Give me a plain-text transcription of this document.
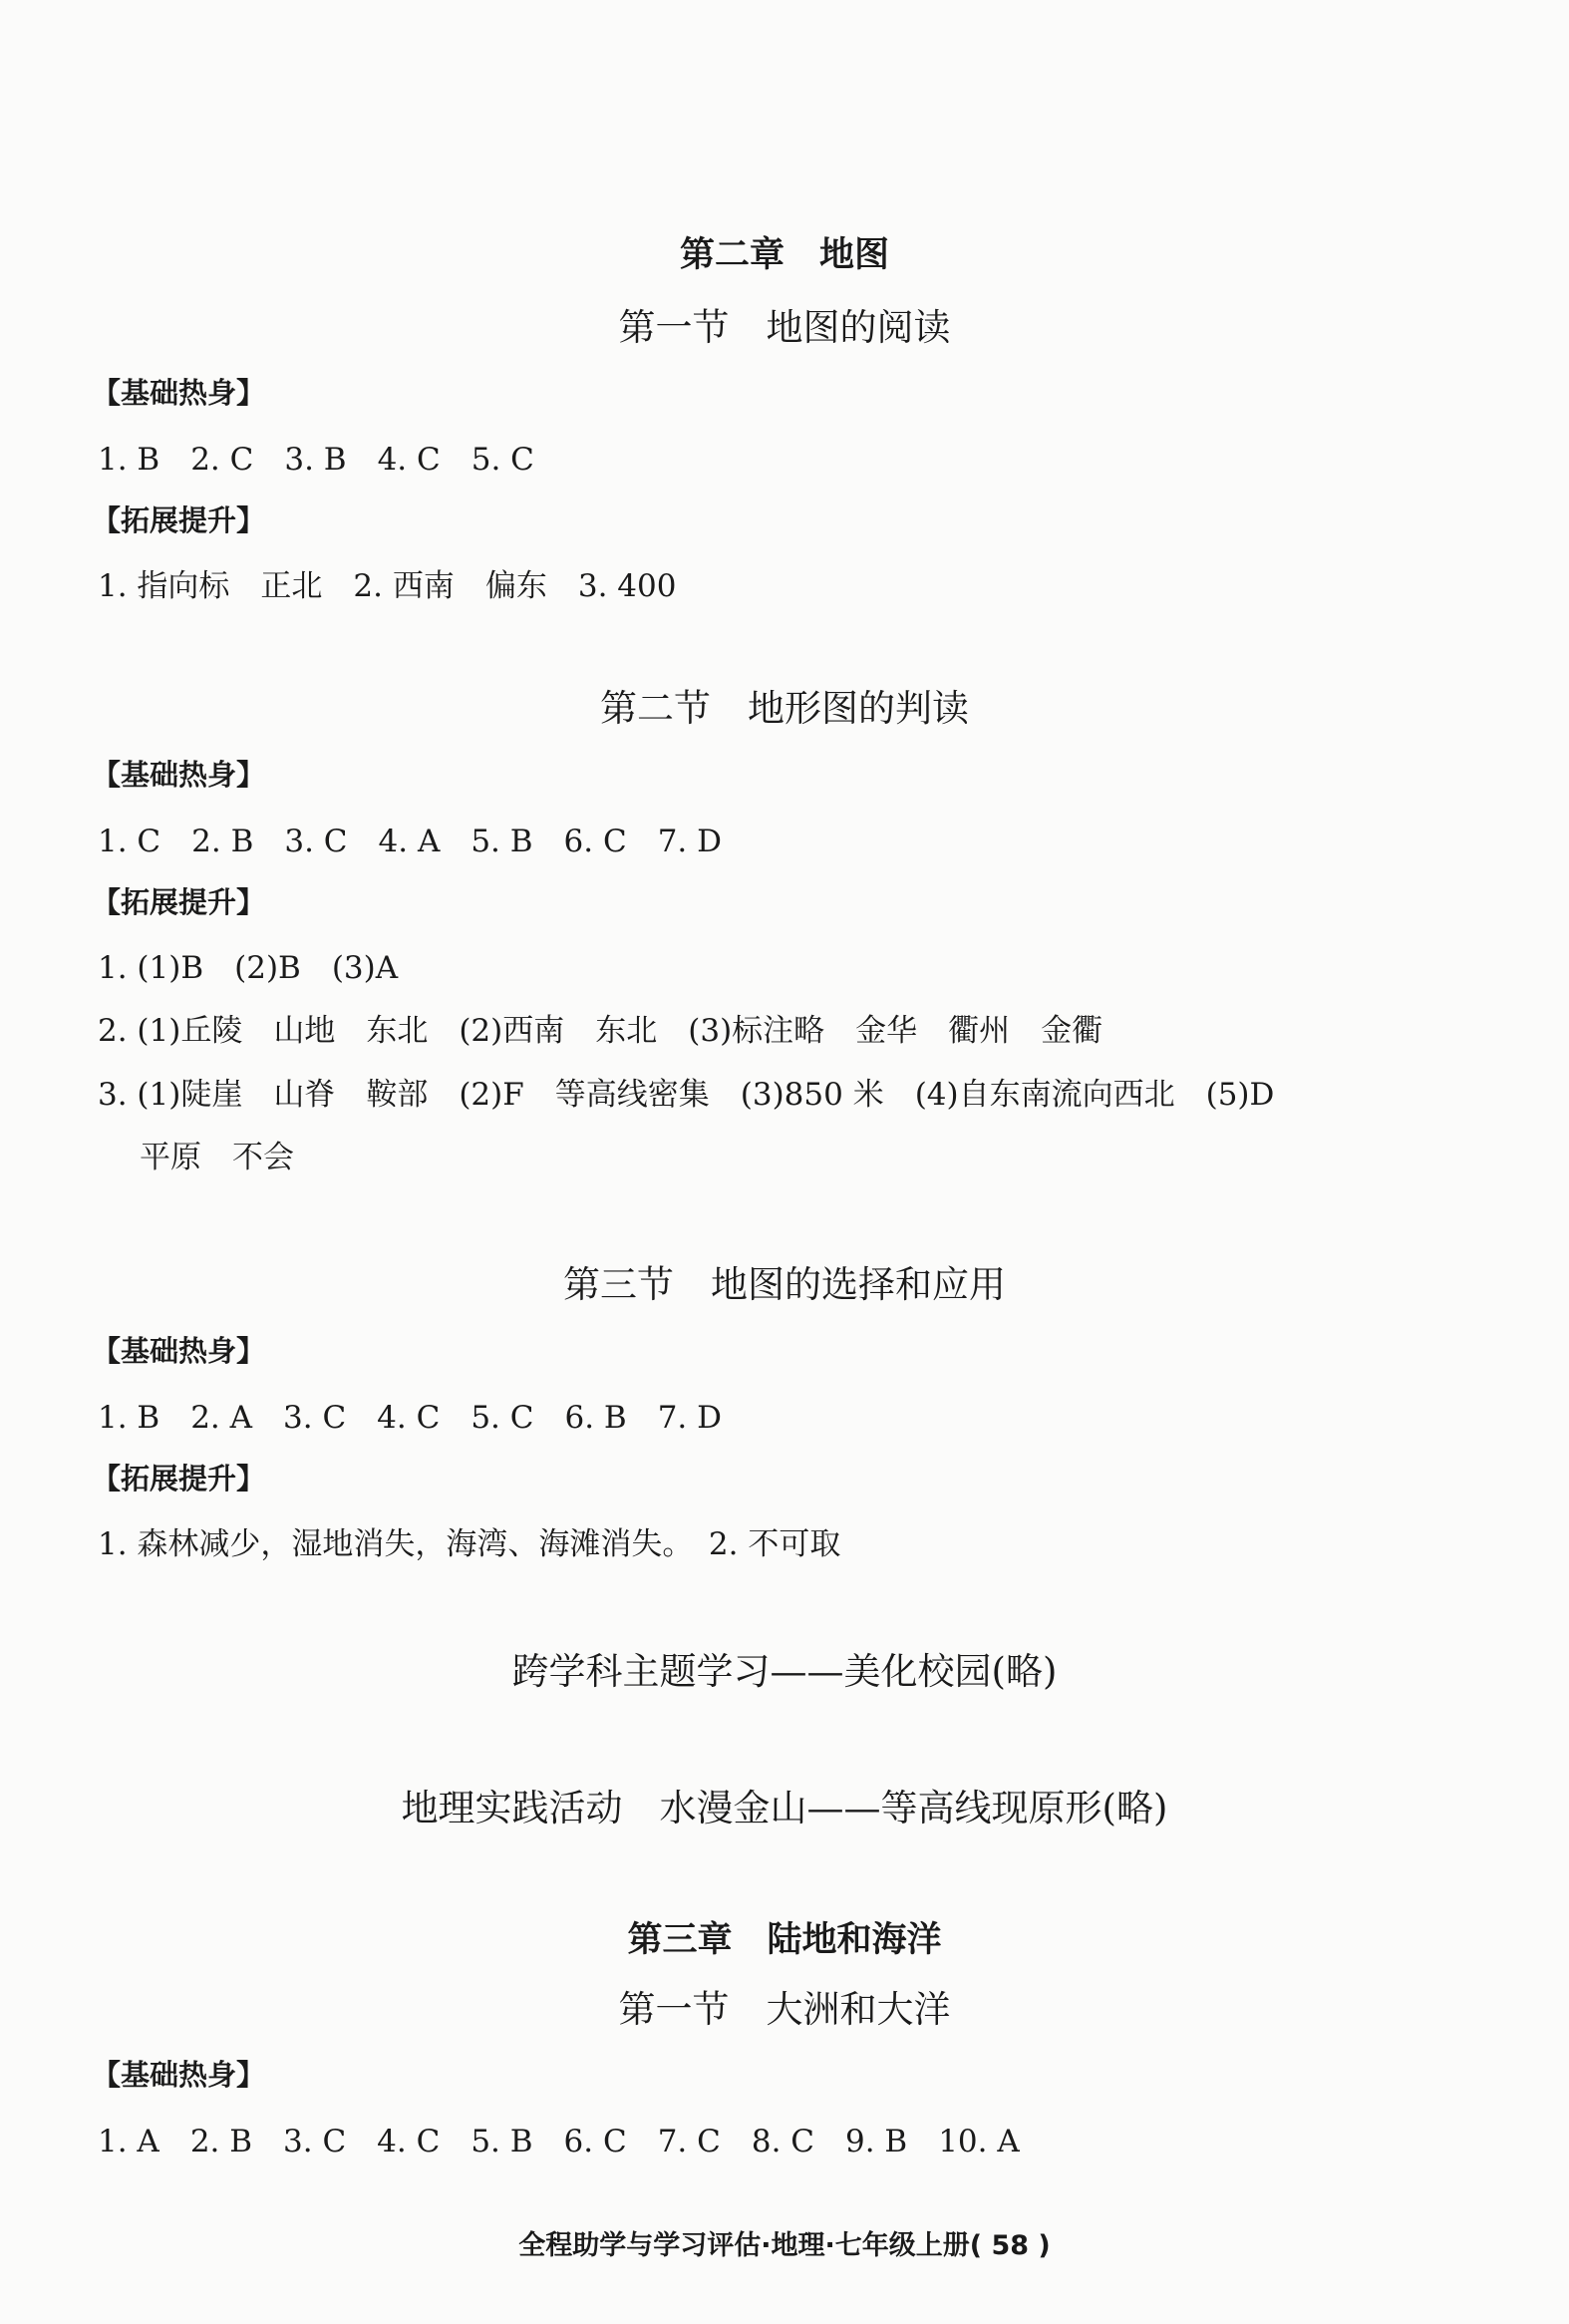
第二章　地图
第一节　地图的阅读
【基础热身】
1. B　2. C　3. B　4. C　5. C
【拓展提升】
1. 指向标　正北　2. 西南　偏东　3. 400
第二节　地形图的判读
【基础热身】
1. C　2. B　3. C　4. A　5. B　6. C　7. D
【拓展提升】
1. (1)B　(2)B　(3)A
2. (1)丘陵　山地　东北　(2)西南　东北　(3)标注略　金华　衢州　金衢
3. (1)陡崖　山脊　鞍部　(2)F　等高线密集　(3)850 米　(4)自东南流向西北　(5)D
平原　不会
第三节　地图的选择和应用
【基础热身】
1. B　2. A　3. C　4. C　5. C　6. B　7. D
【拓展提升】
1. 森林减少，湿地消失，海湾、海滩消失。　2. 不可取
跨学科主题学习——美化校园(略)
地理实践活动　水漫金山——等高线现原形(略)
第三章　陆地和海洋
第一节　大洲和大洋
【基础热身】
1. A　2. B　3. C　4. C　5. B　6. C　7. C　8. C　9. B　10. A
全程助学与学习评估·地理·七年级上册( 58 )
